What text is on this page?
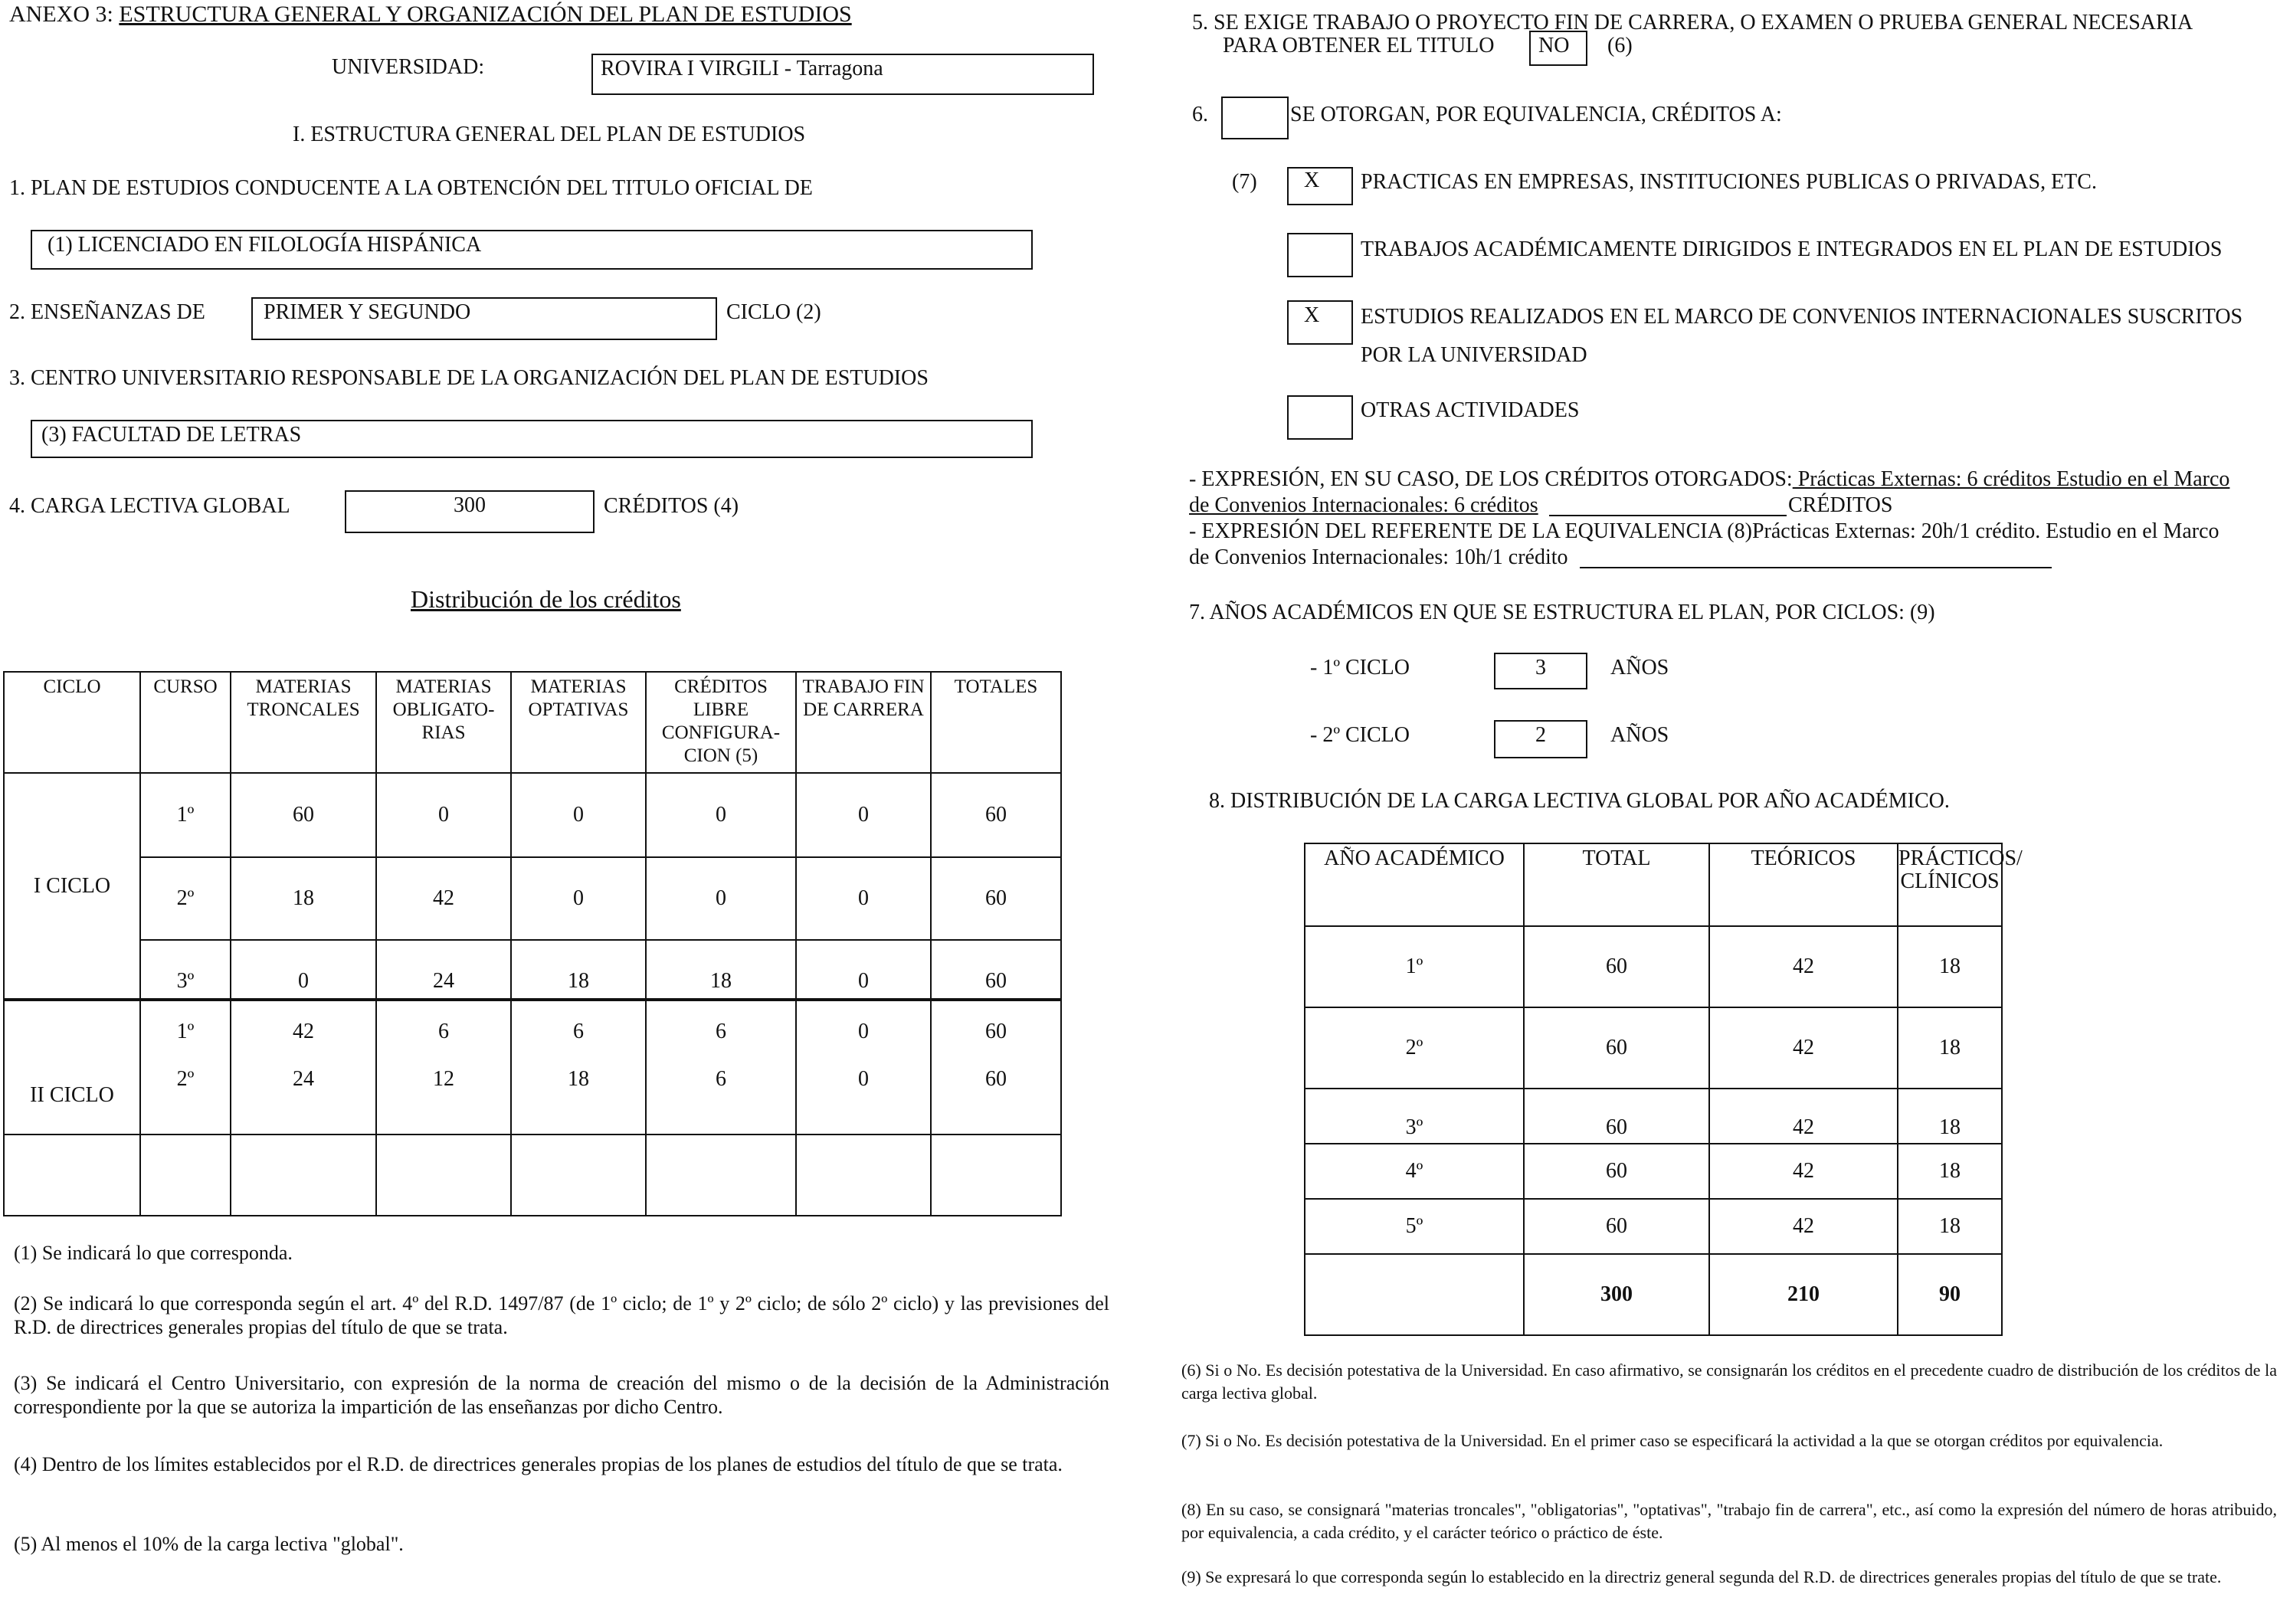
ANEXO 3: ESTRUCTURA GENERAL Y ORGANIZACIÓN DEL PLAN DE ESTUDIOS
UNIVERSIDAD:	ROVIRA I VIRGILI - Tarragona
I. ESTRUCTURA GENERAL DEL PLAN DE ESTUDIOS
1. PLAN DE ESTUDIOS CONDUCENTE A LA OBTENCIÓN DEL TITULO OFICIAL DE
(1) LICENCIADO EN FILOLOGÍA HISPÁNICA
2. ENSEÑANZAS DE	PRIMER Y SEGUNDO	CICLO (2)
3. CENTRO UNIVERSITARIO RESPONSABLE DE LA ORGANIZACIÓN DEL PLAN DE ESTUDIOS
(3) FACULTAD DE LETRAS
4. CARGA LECTIVA GLOBAL	300	CRÉDITOS (4)
Distribución de los créditos
CICLO	CURSO	MATERIAS TRONCALES	MATERIAS OBLIGATO- RIAS	MATERIAS OPTATIVAS	CRÉDITOS LIBRE CONFIGURA- CION (5)	TRABAJO FIN DE CARRERA	TOTALES
I CICLO	1º	60	0	0	0	0	60
	2º	18	42	0	0	0	60
	3º	0	24	18	18	0	60
II CICLO	1º	42	6	6	6	0	60
	2º	24	12	18	6	0	60

(1) Se indicará lo que corresponda.
(2) Se indicará lo que corresponda según el art. 4º del R.D. 1497/87 (de 1º ciclo; de 1º y 2º ciclo; de sólo 2º ciclo) y las previsiones del R.D. de directrices generales propias del título de que se trata.
(3) Se indicará el Centro Universitario, con expresión de la norma de creación del mismo o de la decisión de la Administración correspondiente por la que se autoriza la impartición de las enseñanzas por dicho Centro.
(4) Dentro de los límites establecidos por el R.D. de directrices generales propias de los planes de estudios del título de que se trata.
(5) Al menos el 10% de la carga lectiva "global".
5. SE EXIGE TRABAJO O PROYECTO FIN DE CARRERA, O EXAMEN O PRUEBA GENERAL NECESARIA
PARA OBTENER EL TITULO NO (6)
6.	SE OTORGAN, POR EQUIVALENCIA, CRÉDITOS A:
(7) X PRACTICAS EN EMPRESAS, INSTITUCIONES PUBLICAS O PRIVADAS, ETC.
TRABAJOS ACADÉMICAMENTE DIRIGIDOS E INTEGRADOS EN EL PLAN DE ESTUDIOS
X ESTUDIOS REALIZADOS EN EL MARCO DE CONVENIOS INTERNACIONALES SUSCRITOS
POR LA UNIVERSIDAD
OTRAS ACTIVIDADES
- EXPRESIÓN, EN SU CASO, DE LOS CRÉDITOS OTORGADOS: Prácticas Externas: 6 créditos Estudio en el Marco
de Convenios Internacionales: 6 créditos	CRÉDITOS
- EXPRESIÓN DEL REFERENTE DE LA EQUIVALENCIA (8)Prácticas Externas: 20h/1 crédito. Estudio en el Marco
de Convenios Internacionales: 10h/1 crédito
7. AÑOS ACADÉMICOS EN QUE SE ESTRUCTURA EL PLAN, POR CICLOS: (9)
- 1º CICLO	3	AÑOS
- 2º CICLO	2	AÑOS
8. DISTRIBUCIÓN DE LA CARGA LECTIVA GLOBAL POR AÑO ACADÉMICO.
AÑO ACADÉMICO	TOTAL	TEÓRICOS	PRÁCTICOS/ CLÍNICOS
1º	60	42	18
2º	60	42	18
3º	60	42	18
4º	60	42	18
5º	60	42	18
	300	210	90
(6) Si o No. Es decisión potestativa de la Universidad. En caso afirmativo, se consignarán los créditos en el precedente cuadro de distribución de los créditos de la carga lectiva global.
(7) Si o No. Es decisión potestativa de la Universidad. En el primer caso se especificará la actividad a la que se otorgan créditos por equivalencia.
(8) En su caso, se consignará "materias troncales", "obligatorias", "optativas", "trabajo fin de carrera", etc., así como la expresión del número de horas atribuido, por equivalencia, a cada crédito, y el carácter teórico o práctico de éste.
(9) Se expresará lo que corresponda según lo establecido en la directriz general segunda del R.D. de directrices generales propias del título de que se trate.
